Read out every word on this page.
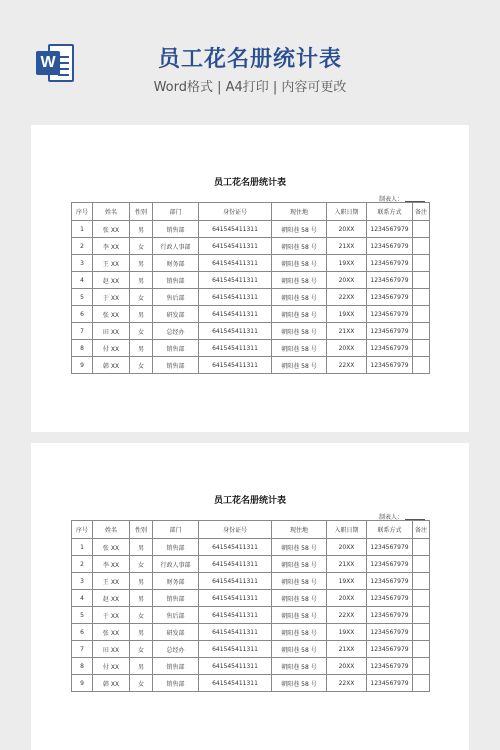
W	员工花名册统计表
Word格式 | A4打印 | 内容可更改
员工花名册统计表
制表人：
序号	姓名	性别	部门	身份证号	现住地	入职日期	联系方式	备注
1	张 XX	男	销售部	641545411311	朝阳巷 58 号	20XX	1234567979	
2	李 XX	女	行政人事部	641545411311	朝阳巷 58 号	21XX	1234567979	
3	王 XX	男	财务部	641545411311	朝阳巷 58 号	19XX	1234567979	
4	赵 XX	男	销售部	641545411311	朝阳巷 58 号	20XX	1234567979	
5	于 XX	女	售后部	641545411311	朝阳巷 58 号	22XX	1234567979	
6	张 XX	男	研发部	641545411311	朝阳巷 58 号	19XX	1234567979	
7	田 XX	女	总经办	641545411311	朝阳巷 58 号	21XX	1234567979	
8	付 XX	男	销售部	641545411311	朝阳巷 58 号	20XX	1234567979	
9	韩 XX	女	销售部	641545411311	朝阳巷 58 号	22XX	1234567979	
员工花名册统计表
制表人：
序号	姓名	性别	部门	身份证号	现住地	入职日期	联系方式	备注
1	张 XX	男	销售部	641545411311	朝阳巷 58 号	20XX	1234567979	
2	李 XX	女	行政人事部	641545411311	朝阳巷 58 号	21XX	1234567979	
3	王 XX	男	财务部	641545411311	朝阳巷 58 号	19XX	1234567979	
4	赵 XX	男	销售部	641545411311	朝阳巷 58 号	20XX	1234567979	
5	于 XX	女	售后部	641545411311	朝阳巷 58 号	22XX	1234567979	
6	张 XX	男	研发部	641545411311	朝阳巷 58 号	19XX	1234567979	
7	田 XX	女	总经办	641545411311	朝阳巷 58 号	21XX	1234567979	
8	付 XX	男	销售部	641545411311	朝阳巷 58 号	20XX	1234567979	
9	韩 XX	女	销售部	641545411311	朝阳巷 58 号	22XX	1234567979	
